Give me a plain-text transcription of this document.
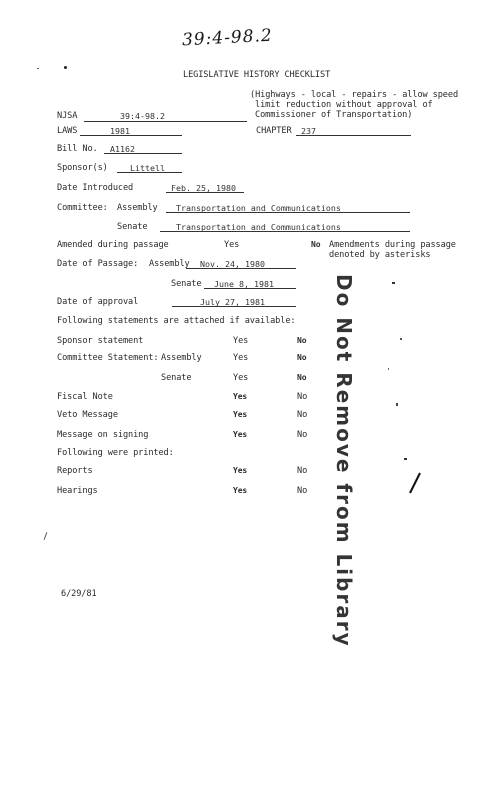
39:4-98.2
LEGISLATIVE HISTORY CHECKLIST
(Highways - local - repairs - allow speed
limit reduction without approval of
Commissioner of Transportation)
NJSA	39:4-98.2
LAWS	1981	CHAPTER 237
Bill No. A1162
Sponsor(s)	Littell
Date Introduced	Feb. 25, 1980
Committee: Assembly Transportation and Communications
Senate	Transportation and Communications
Amended during passage	Yes	No Amendments during passage
denoted by asterisks
Date of Passage: Assembly Nov. 24, 1980
Senate June 8, 1981
Date of approval	July 27, 1981
Following statements are attached if available:
Sponsor statement	Yes	No
Committee Statement: Assembly	Yes	No
Senate	Yes	No
Fiscal Note	Yes	No
Veto Message	Yes	No
Message on signing	Yes	No
Following were printed:
Reports	Yes	No
Hearings	Yes	No Do Not Remove from Library
6/29/81
